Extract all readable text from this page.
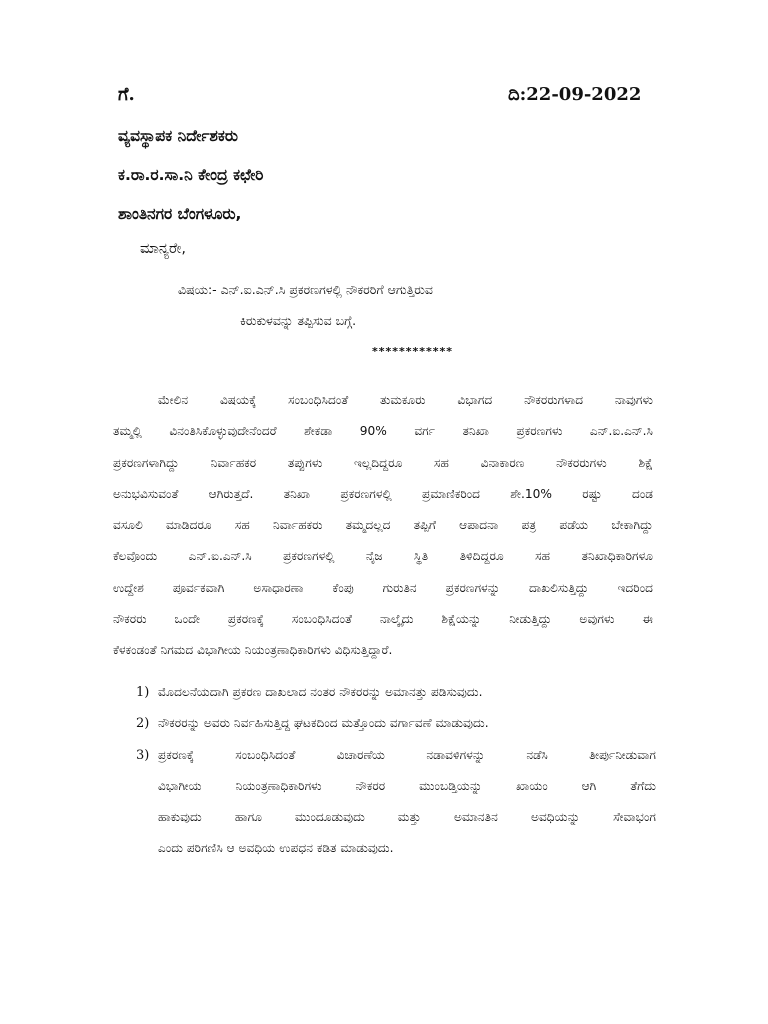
ಗೆ.	ದಿ:22-09-2022
ವ್ಯವಸ್ಥಾಪಕ ನಿರ್ದೇಶಕರು
ಕ.ರಾ.ರ.ಸಾ.ನಿ ಕೇಂದ್ರ ಕಛೇರಿ
ಶಾಂತಿನಗರ ಬೆಂಗಳೂರು,
ಮಾನ್ಯರೇ,
ವಿಷಯ:- ಎನ್.ಐ.ಎನ್.ಸಿ ಪ್ರಕರಣಗಳಲ್ಲಿ ನೌಕರರಿಗೆ ಆಗುತ್ತಿರುವ
ಕಿರುಕುಳವನ್ನು ತಪ್ಪಿಸುವ ಬಗ್ಗೆ.
************
ಮೇಲಿನ ವಿಷಯಕ್ಕೆ ಸಂಬಂಧಿಸಿದಂತೆ ತುಮಕೂರು ವಿಭಾಗದ ನೌಕರರುಗಳಾದ ನಾವುಗಳು
ತಮ್ಮಲ್ಲಿ ವಿನಂತಿಸಿಕೊಳ್ಳುವುದೇನೆಂದರೆ ಶೇಕಡಾ 90% ವರ್ಗ ತನಿಖಾ ಪ್ರಕರಣಗಳು ಎನ್.ಐ.ಎನ್.ಸಿ
ಪ್ರಕರಣಗಳಾಗಿದ್ದು ನಿರ್ವಾಹಕರ ತಪ್ಪುಗಳು ಇಲ್ಲದಿದ್ದರೂ ಸಹ ವಿನಾಕಾರಣ ನೌಕರರುಗಳು ಶಿಕ್ಷೆ
ಅನುಭವಿಸುವಂತೆ ಆಗಿರುತ್ತದೆ. ತನಿಖಾ ಪ್ರಕರಣಗಳಲ್ಲಿ ಪ್ರಮಾಣಿಕರಿಂದ ಶೇ.10% ರಷ್ಟು ದಂಡ
ವಸೂಲಿ ಮಾಡಿದರೂ ಸಹ ನಿರ್ವಾಹಕರು ತಮ್ಮದಲ್ಲದ ತಪ್ಪಿಗೆ ಆಪಾದನಾ ಪತ್ರ ಪಡೆಯ ಬೇಕಾಗಿದ್ದು
ಕೆಲವೊಂದು ಎನ್.ಐ.ಎನ್.ಸಿ ಪ್ರಕರಣಗಳಲ್ಲಿ ನೈಜ ಸ್ಥಿತಿ ತಿಳಿದಿದ್ದರೂ ಸಹ ತನಿಖಾಧಿಕಾರಿಗಳೂ
ಉದ್ದೇಶ ಪೂರ್ವಕವಾಗಿ ಅಸಾಧಾರಣಾ ಕೆಂಪು ಗುರುತಿನ ಪ್ರಕರಣಗಳನ್ನು ದಾಖಲಿಸುತ್ತಿದ್ದು ಇದರಿಂದ
ನೌಕರರು ಒಂದೇ ಪ್ರಕರಣಕ್ಕೆ ಸಂಬಂಧಿಸಿದಂತೆ ನಾಲ್ಕೈದು ಶಿಕ್ಷೆಯನ್ನು ನೀಡುತ್ತಿದ್ದು ಅವುಗಳು ಈ
ಕೆಳಕಂಡಂತೆ ನಿಗಮದ ವಿಭಾಗೀಯ ನಿಯಂತ್ರಣಾಧಿಕಾರಿಗಳು ವಿಧಿಸುತ್ತಿದ್ದಾರೆ.
1) ಮೊದಲನೆಯದಾಗಿ ಪ್ರಕರಣ ದಾಖಲಾದ ನಂತರ ನೌಕರರನ್ನು ಅಮಾನತ್ತು ಪಡಿಸುವುದು.
2) ನೌಕರರನ್ನು ಅವರು ನಿರ್ವಹಿಸುತ್ತಿದ್ದ ಘಟಕದಿಂದ ಮತ್ತೊಂದು ವರ್ಗಾವಣೆ ಮಾಡುವುದು.
3) ಪ್ರಕರಣಕ್ಕೆ ಸಂಬಂಧಿಸಿದಂತೆ ವಿಚಾರಣೆಯ ನಡಾವಳಿಗಳನ್ನು ನಡೆಸಿ ತೀರ್ಪುನೀಡುವಾಗ
ವಿಭಾಗೀಯ ನಿಯಂತ್ರಣಾಧಿಕಾರಿಗಳು ನೌಕರರ ಮುಂಬಡ್ತಿಯನ್ನು ಖಾಯಂ ಆಗಿ ತೆಗೆದು
ಹಾಕುವುದು ಹಾಗೂ ಮುಂದೂಡುವುದು ಮತ್ತು ಅಮಾನತಿನ ಅವಧಿಯನ್ನು ಸೇವಾಭಂಗ
ಎಂದು ಪರಿಗಣಿಸಿ ಆ ಅವಧಿಯ ಉಪಧನ ಕಡಿತ ಮಾಡುವುದು.
